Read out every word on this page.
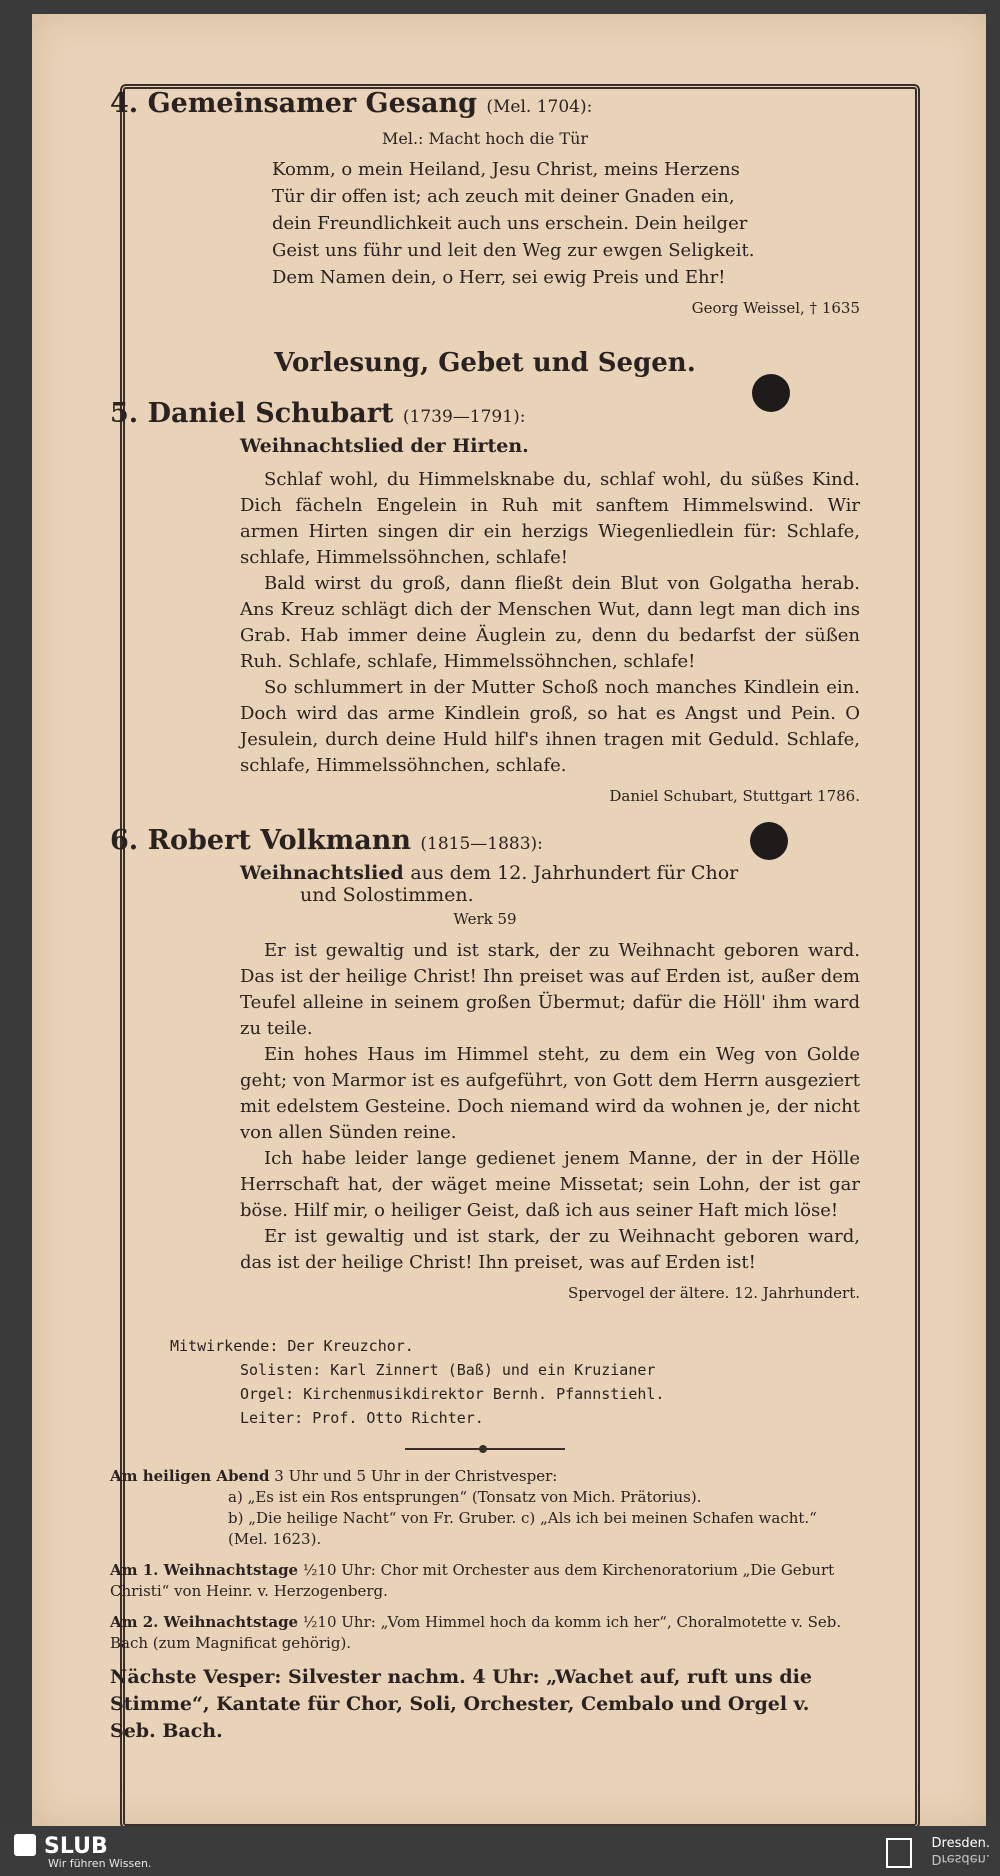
4. Gemeinsamer Gesang (Mel. 1704):

Mel.: Macht hoch die Tür
Komm, o mein Heiland, Jesu Christ, meins Herzens
Tür dir offen ist; ach zeuch mit deiner Gnaden ein,
dein Freundlichkeit auch uns erschein. Dein heilger
Geist uns führ und leit den Weg zur ewgen Seligkeit.
Dem Namen dein, o Herr, sei ewig Preis und Ehr!
Georg Weissel, † 1635
Vorlesung, Gebet und Segen.

5. Daniel Schubart (1739—1791):

Weihnachtslied der Hirten.

Schlaf wohl, du Himmelsknabe du, schlaf wohl, du süßes Kind. Dich fächeln Engelein in Ruh mit sanftem Himmelswind. Wir armen Hirten singen dir ein herzigs Wiegenliedlein für: Schlafe, schlafe, Himmelssöhnchen, schlafe!

Bald wirst du groß, dann fließt dein Blut von Golgatha herab. Ans Kreuz schlägt dich der Menschen Wut, dann legt man dich ins Grab. Hab immer deine Äuglein zu, denn du bedarfst der süßen Ruh. Schlafe, schlafe, Himmelssöhnchen, schlafe!

So schlummert in der Mutter Schoß noch manches Kindlein ein. Doch wird das arme Kindlein groß, so hat es Angst und Pein. O Jesulein, durch deine Huld hilf's ihnen tragen mit Geduld. Schlafe, schlafe, Himmelssöhnchen, schlafe.

Daniel Schubart, Stuttgart 1786.

6. Robert Volkmann (1815—1883):

Weihnachtslied aus dem 12. Jahrhundert für Chor
und Solostimmen.
Werk 59

Er ist gewaltig und ist stark, der zu Weihnacht geboren ward. Das ist der heilige Christ! Ihn preiset was auf Erden ist, außer dem Teufel alleine in seinem großen Übermut; dafür die Höll' ihm ward zu teile.

Ein hohes Haus im Himmel steht, zu dem ein Weg von Golde geht; von Marmor ist es aufgeführt, von Gott dem Herrn ausgeziert mit edelstem Gesteine. Doch niemand wird da wohnen je, der nicht von allen Sünden reine.

Ich habe leider lange gedienet jenem Manne, der in der Hölle Herrschaft hat, der wäget meine Missetat; sein Lohn, der ist gar böse. Hilf mir, o heiliger Geist, daß ich aus seiner Haft mich löse!

Er ist gewaltig und ist stark, der zu Weihnacht geboren ward, das ist der heilige Christ! Ihn preiset, was auf Erden ist!

Spervogel der ältere. 12. Jahrhundert.
Mitwirkende: Der Kreuzchor.
Solisten: Karl Zinnert (Baß) und ein Kruzianer
Orgel: Kirchenmusikdirektor Bernh. Pfannstiehl.
Leiter: Prof. Otto Richter.
Am heiligen Abend 3 Uhr und 5 Uhr in der Christvesper:
a) „Es ist ein Ros entsprungen“ (Tonsatz von Mich. Prätorius).
b) „Die heilige Nacht“ von Fr. Gruber. c) „Als ich bei meinen Schafen wacht.“ (Mel. 1623).
Am 1. Weihnachtstage ½10 Uhr: Chor mit Orchester aus dem Kirchenoratorium „Die Geburt Christi“ von Heinr. v. Herzogenberg.
Am 2. Weihnachtstage ½10 Uhr: „Vom Himmel hoch da komm ich her“, Choralmotette v. Seb. Bach (zum Magnificat gehörig).
Nächste Vesper: Silvester nachm. 4 Uhr: „Wachet auf, ruft uns die Stimme“, Kantate für Chor, Soli, Orchester, Cembalo und Orgel v. Seb. Bach.
SLUB
Wir führen Wissen.
Dresden.
Dresden.
